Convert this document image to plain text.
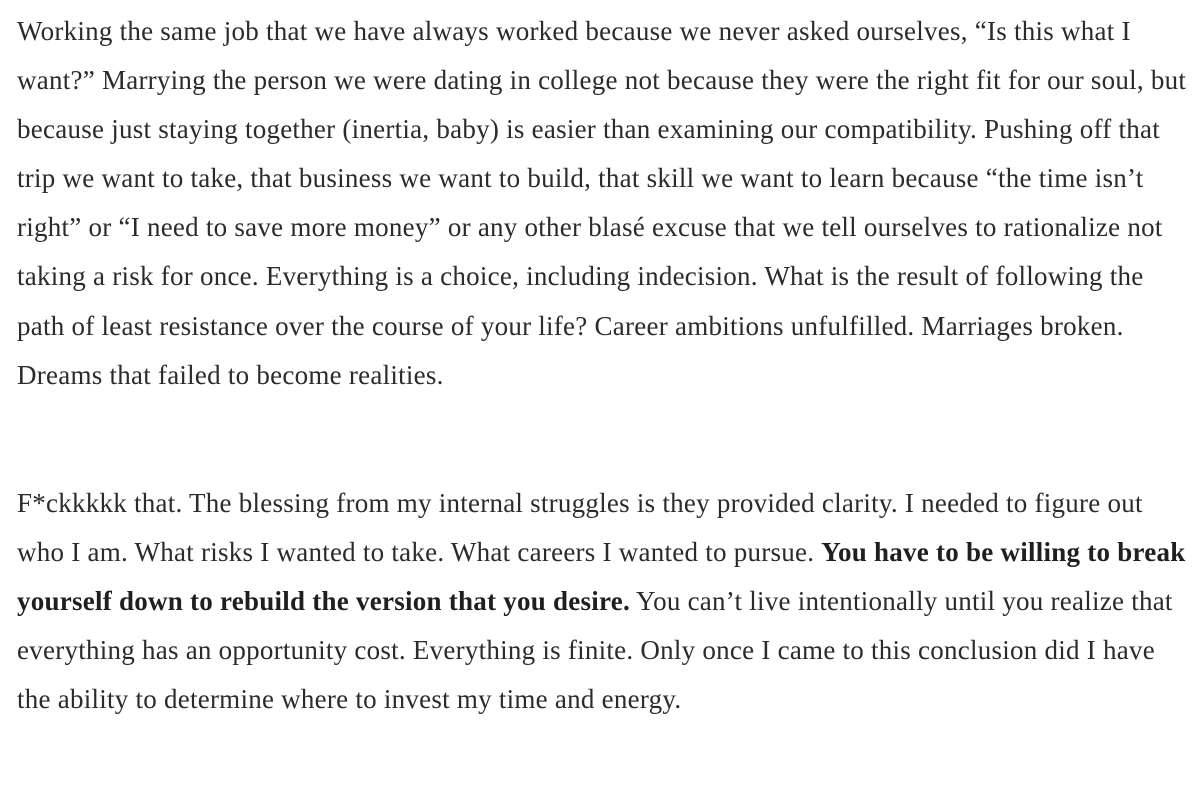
Working the same job that we have always worked because we never asked ourselves, “Is this what I want?” Marrying the person we were dating in college not because they were the right fit for our soul, but because just staying together (inertia, baby) is easier than examining our compatibility. Pushing off that trip we want to take, that business we want to build, that skill we want to learn because “the time isn’t right” or “I need to save more money” or any other blasé excuse that we tell ourselves to rationalize not taking a risk for once. Everything is a choice, including indecision. What is the result of following the path of least resistance over the course of your life? Career ambitions unfulfilled. Marriages broken. Dreams that failed to become realities.

F*ckkkkk that. The blessing from my internal struggles is they provided clarity. I needed to figure out who I am. What risks I wanted to take. What careers I wanted to pursue. You have to be willing to break yourself down to rebuild the version that you desire. You can’t live intentionally until you realize that everything has an opportunity cost. Everything is finite. Only once I came to this conclusion did I have the ability to determine where to invest my time and energy.
